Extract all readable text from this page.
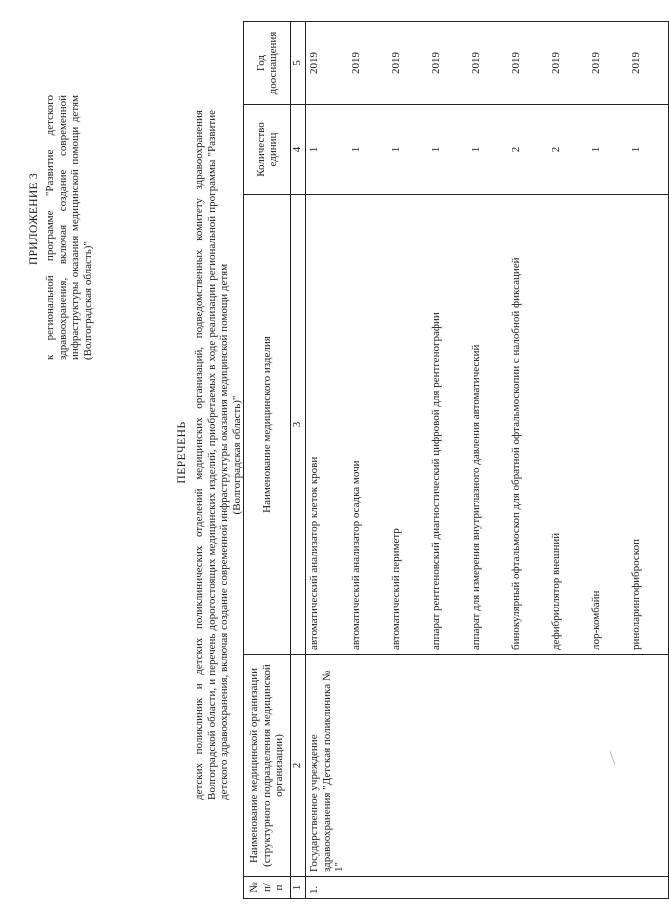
ПРИЛОЖЕНИЕ 3 к региональной программе "Развитие детского здравоохранения, включая создание современной инфраструктуры оказания медицинской помощи детям (Волгоградская область)"
ПЕРЕЧЕНЬ детских поликлиник и детских поликлинических отделений медицинских организаций, подведомственных комитету здравоохранения Волгоградской области, и перечень дорогостоящих медицинских изделий, приобретаемых в ходе реализации региональной программы "Развитие детского здравоохранения, включая создание современной инфраструктуры оказания медицинской помощи детям (Волгоградская область)"
№ п/п	Наименование медицинской организации (структурного подразделения медицинской организации)	Наименование медицинского изделия	Количество единиц	Год дооснащения
1	2	3	4	5
1.	Государственное учреждение здравоохранения "Детская поликлиника № 1"	автоматический анализатор клеток крови	1	2019
		автоматический анализатор осадка мочи	1	2019
		автоматический периметр	1	2019
		аппарат рентгеновский диагностический цифровой для рентгенографии	1	2019
		аппарат для измерения внутриглазного давления автоматический	1	2019
		бинокулярный офтальмоскоп для обратной офтальмоскопии с налобной фиксацией	2	2019
		дефибриллятор внешний	2	2019
		лор-комбайн	1	2019
		риноларингофиброскоп	1	2019
